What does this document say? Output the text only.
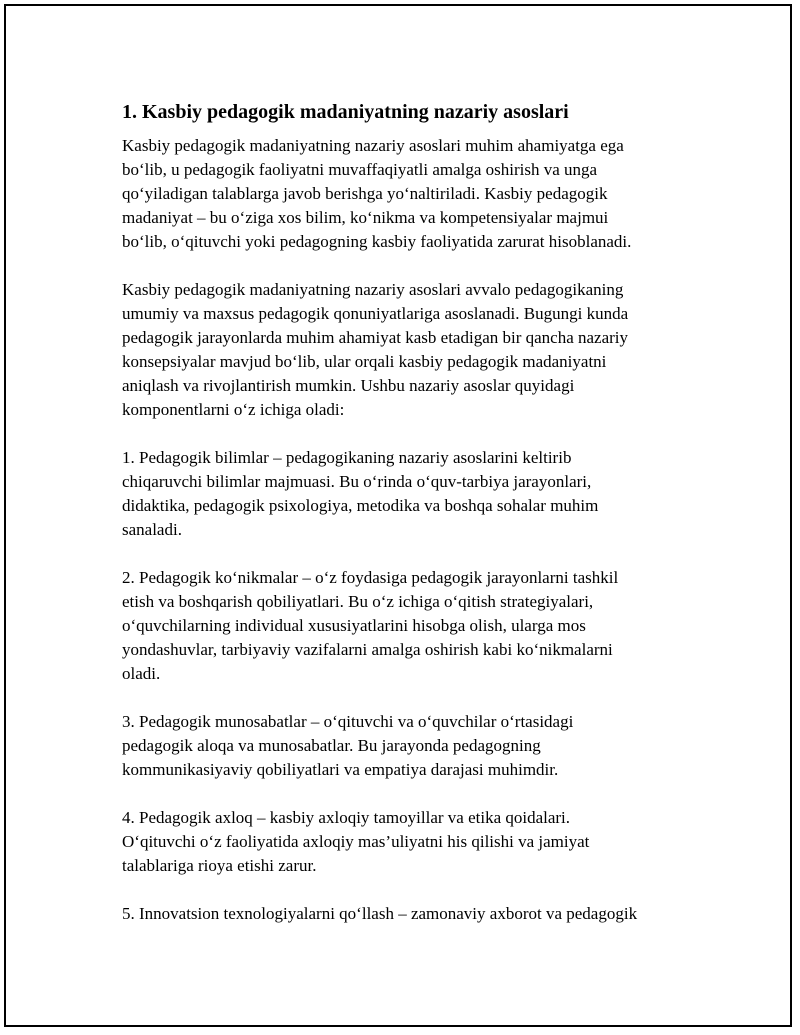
1. Kasbiy pedagogik madaniyatning nazariy asoslari

Kasbiy pedagogik madaniyatning nazariy asoslari muhim ahamiyatga ega
bo‘lib, u pedagogik faoliyatni muvaffaqiyatli amalga oshirish va unga
qo‘yiladigan talablarga javob berishga yo‘naltiriladi. Kasbiy pedagogik
madaniyat – bu o‘ziga xos bilim, ko‘nikma va kompetensiyalar majmui
bo‘lib, o‘qituvchi yoki pedagogning kasbiy faoliyatida zarurat hisoblanadi.

Kasbiy pedagogik madaniyatning nazariy asoslari avvalo pedagogikaning
umumiy va maxsus pedagogik qonuniyatlariga asoslanadi. Bugungi kunda
pedagogik jarayonlarda muhim ahamiyat kasb etadigan bir qancha nazariy
konsepsiyalar mavjud bo‘lib, ular orqali kasbiy pedagogik madaniyatni
aniqlash va rivojlantirish mumkin. Ushbu nazariy asoslar quyidagi
komponentlarni o‘z ichiga oladi:

1. Pedagogik bilimlar – pedagogikaning nazariy asoslarini keltirib
chiqaruvchi bilimlar majmuasi. Bu o‘rinda o‘quv-tarbiya jarayonlari,
didaktika, pedagogik psixologiya, metodika va boshqa sohalar muhim
sanaladi.

2. Pedagogik ko‘nikmalar – o‘z foydasiga pedagogik jarayonlarni tashkil
etish va boshqarish qobiliyatlari. Bu o‘z ichiga o‘qitish strategiyalari,
o‘quvchilarning individual xususiyatlarini hisobga olish, ularga mos
yondashuvlar, tarbiyaviy vazifalarni amalga oshirish kabi ko‘nikmalarni
oladi.

3. Pedagogik munosabatlar – o‘qituvchi va o‘quvchilar o‘rtasidagi
pedagogik aloqa va munosabatlar. Bu jarayonda pedagogning
kommunikasiyaviy qobiliyatlari va empatiya darajasi muhimdir.

4. Pedagogik axloq – kasbiy axloqiy tamoyillar va etika qoidalari.
O‘qituvchi o‘z faoliyatida axloqiy mas’uliyatni his qilishi va jamiyat
talablariga rioya etishi zarur.

5. Innovatsion texnologiyalarni qo‘llash – zamonaviy axborot va pedagogik
